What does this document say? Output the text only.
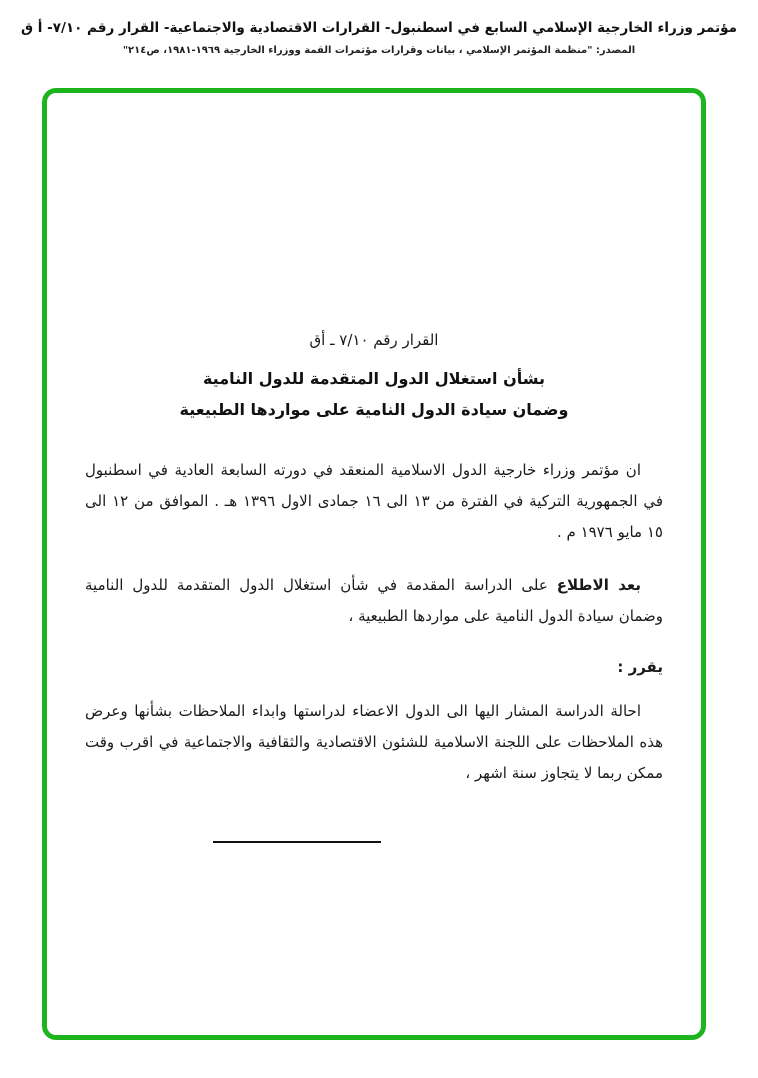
مؤتمر وزراء الخارجية الإسلامي السابع في اسطنبول- القرارات الاقتصادية والاجتماعية- القرار رقم ٧/١٠- أ ق
المصدر: "منظمة المؤتمر الإسلامي ، بيانات وقرارات مؤتمرات القمة ووزراء الخارجية ١٩٦٩-١٩٨١، ص٢١٤"
القرار رقم ٧/١٠ ـ أق
بشأن استغلال الدول المتقدمة للدول النامية
وضمان سيادة الدول النامية على مواردها الطبيعية

ان مؤتمر وزراء خارجية الدول الاسلامية المنعقد في دورته السابعة العادية في اسطنبول في الجمهورية التركية في الفترة من ١٣ الى ١٦ جمادى الاول ١٣٩٦ هـ . الموافق من ١٢ الى ١٥ مايو ١٩٧٦ م .

بعد الاطلاع على الدراسة المقدمة في شأن استغلال الدول المتقدمة للدول النامية وضمان سيادة الدول النامية على مواردها الطبيعية ،

يقرر :

احالة الدراسة المشار اليها الى الدول الاعضاء لدراستها وابداء الملاحظات بشأنها وعرض هذه الملاحظات على اللجنة الاسلامية للشئون الاقتصادية والثقافية والاجتماعية في اقرب وقت ممكن ربما لا يتجاوز سنة اشهر ،
